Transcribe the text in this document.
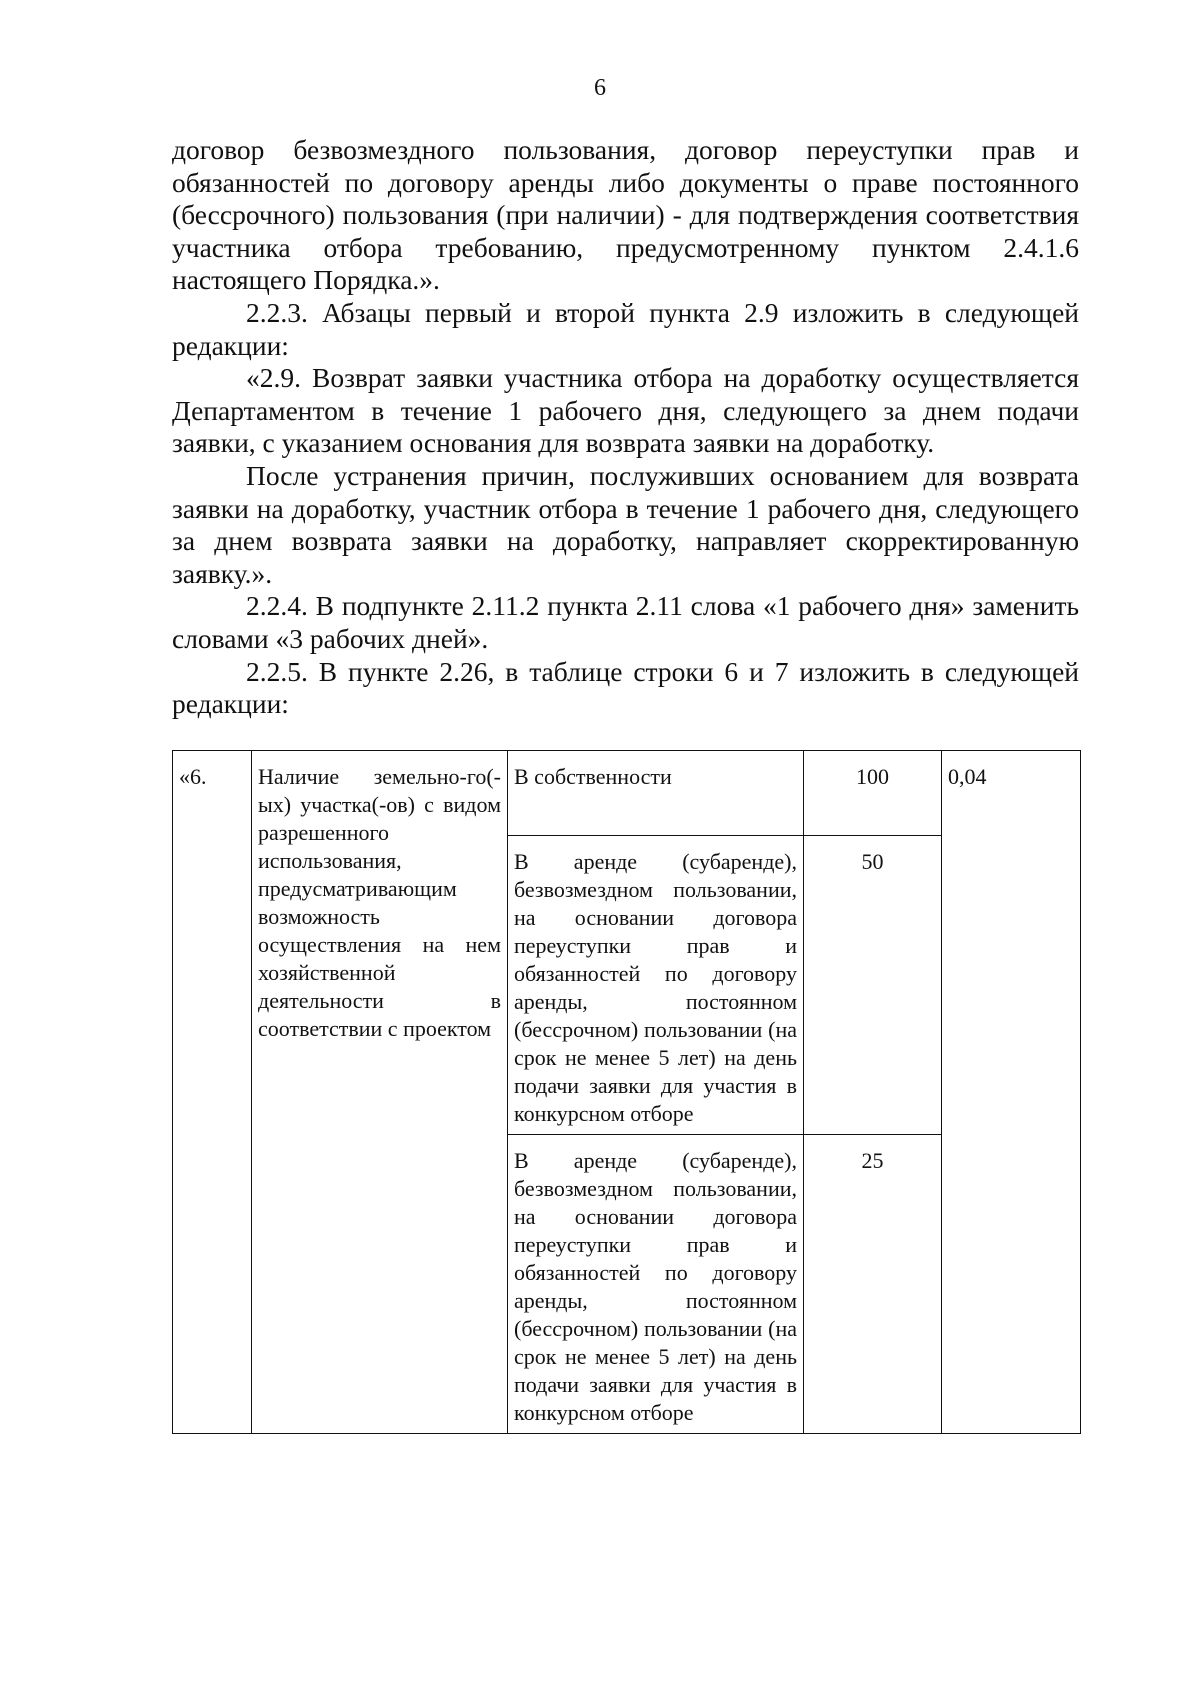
6

договор безвозмездного пользования, договор переуступки прав и обязанностей по договору аренды либо документы о праве постоянного (бессрочного) пользования (при наличии) - для подтверждения соответствия участника отбора требованию, предусмотренному пунктом 2.4.1.6 настоящего Порядка.».

2.2.3. Абзацы первый и второй пункта 2.9 изложить в следующей редакции:

«2.9. Возврат заявки участника отбора на доработку осуществляется Департаментом в течение 1 рабочего дня, следующего за днем подачи заявки, с указанием основания для возврата заявки на доработку.

После устранения причин, послуживших основанием для возврата заявки на доработку, участник отбора в течение 1 рабочего дня, следующего за днем возврата заявки на доработку, направляет скорректированную заявку.».

2.2.4. В подпункте 2.11.2 пункта 2.11 слова «1 рабочего дня» заменить словами «3 рабочих дней».

2.2.5. В пункте 2.26, в таблице строки 6 и 7 изложить в следующей редакции:

«6.	Наличие земельно-го(-ых) участка(-ов) с видом разрешенного использования, предусматривающим возможность осуществления на нем хозяйственной деятельности в соответствии с проектом	В собственности	100	0,04
		В аренде (субаренде), безвозмездном пользовании, на основании договора переуступки прав и обязанностей по договору аренды, постоянном (бессрочном) пользовании (на срок не менее 5 лет) на день подачи заявки для участия в конкурсном отборе	50	
		В аренде (субаренде), безвозмездном пользовании, на основании договора переуступки прав и обязанностей по договору аренды, постоянном (бессрочном) пользовании (на срок не менее 5 лет) на день подачи заявки для участия в конкурсном отборе	25	
